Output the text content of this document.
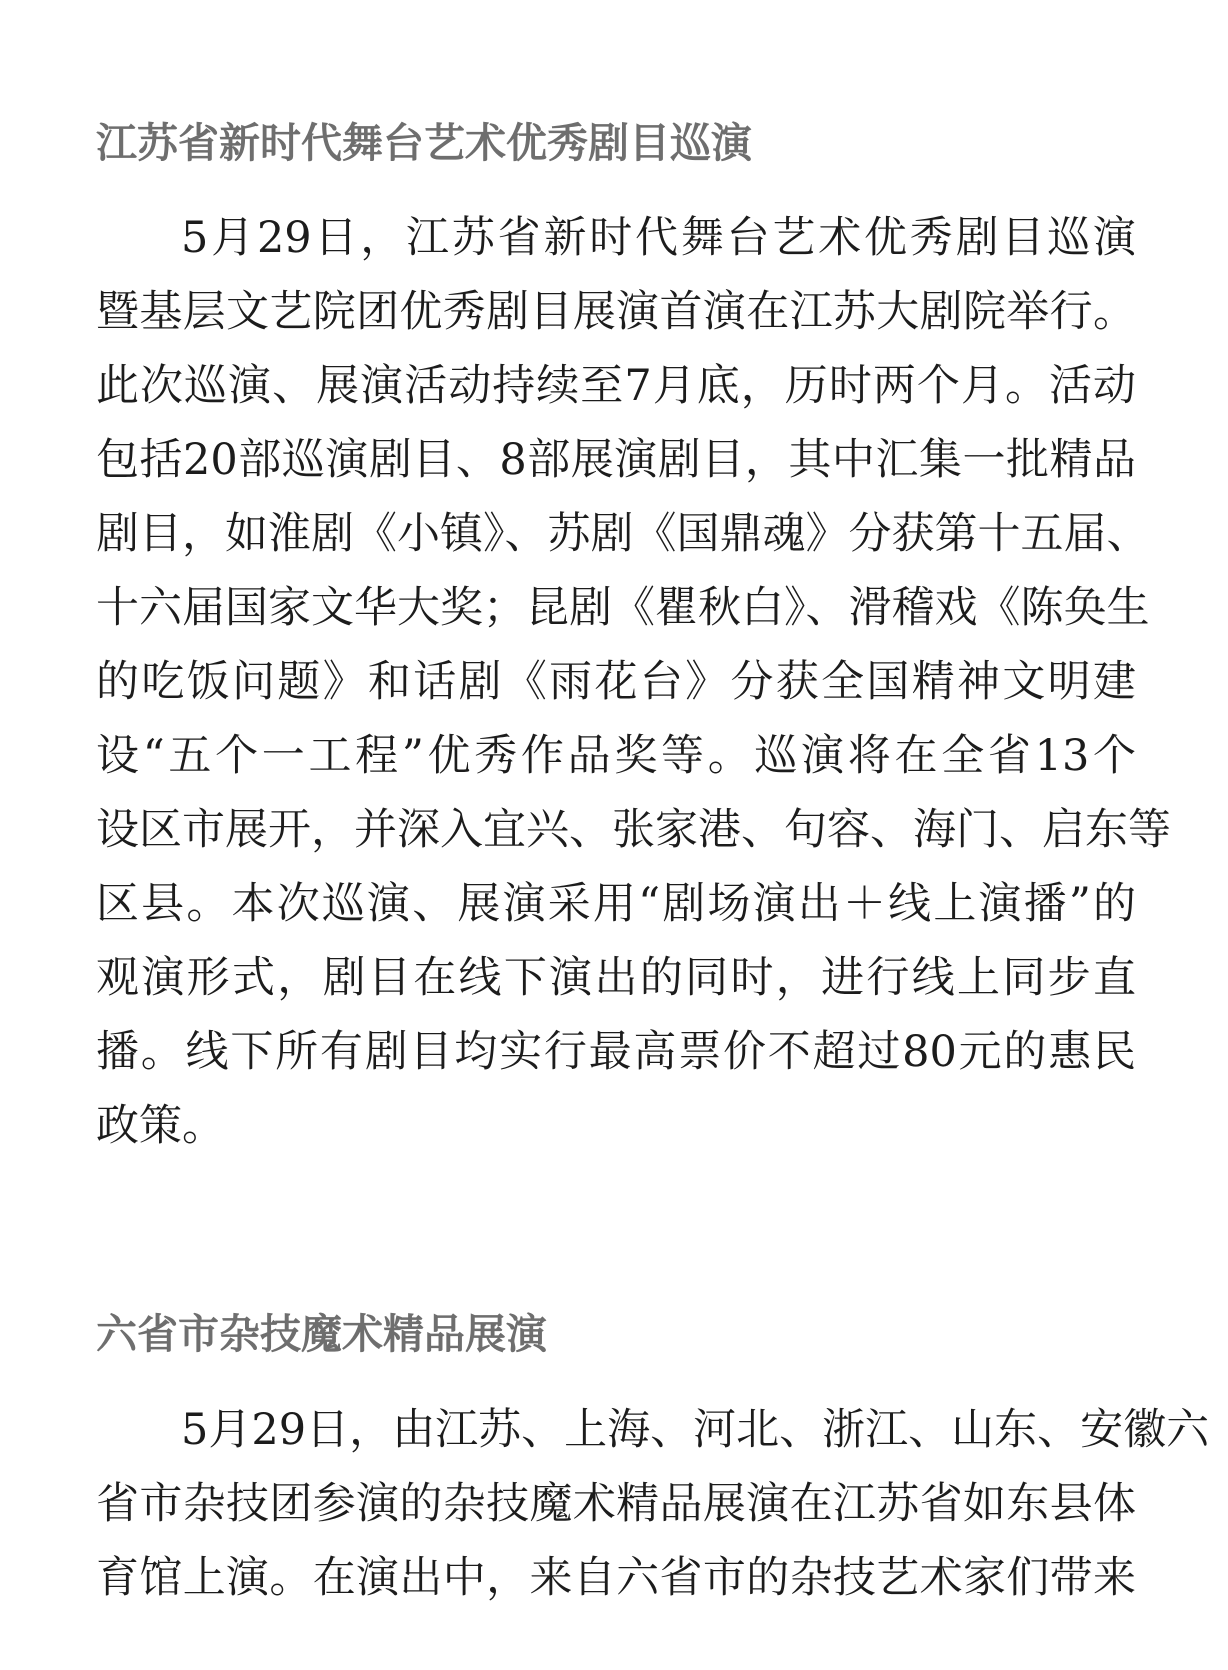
江苏省新时代舞台艺术优秀剧目巡演

5月29日，江苏省新时代舞台艺术优秀剧目巡演

暨基层文艺院团优秀剧目展演首演在江苏大剧院举行。

此次巡演、展演活动持续至7月底，历时两个月。活动

包括20部巡演剧目、8部展演剧目，其中汇集一批精品

剧目，如淮剧《小镇》、苏剧《国鼎魂》分获第十五届、

十六届国家文华大奖；昆剧《瞿秋白》、滑稽戏《陈奂生

的吃饭问题》和话剧《雨花台》分获全国精神文明建

设“五个一工程”优秀作品奖等。巡演将在全省13个

设区市展开，并深入宜兴、张家港、句容、海门、启东等

区县。本次巡演、展演采用“剧场演出＋线上演播”的

观演形式，剧目在线下演出的同时，进行线上同步直

播。线下所有剧目均实行最高票价不超过80元的惠民

政策。

六省市杂技魔术精品展演

5月29日，由江苏、上海、河北、浙江、山东、安徽六

省市杂技团参演的杂技魔术精品展演在江苏省如东县体

育馆上演。在演出中，来自六省市的杂技艺术家们带来
